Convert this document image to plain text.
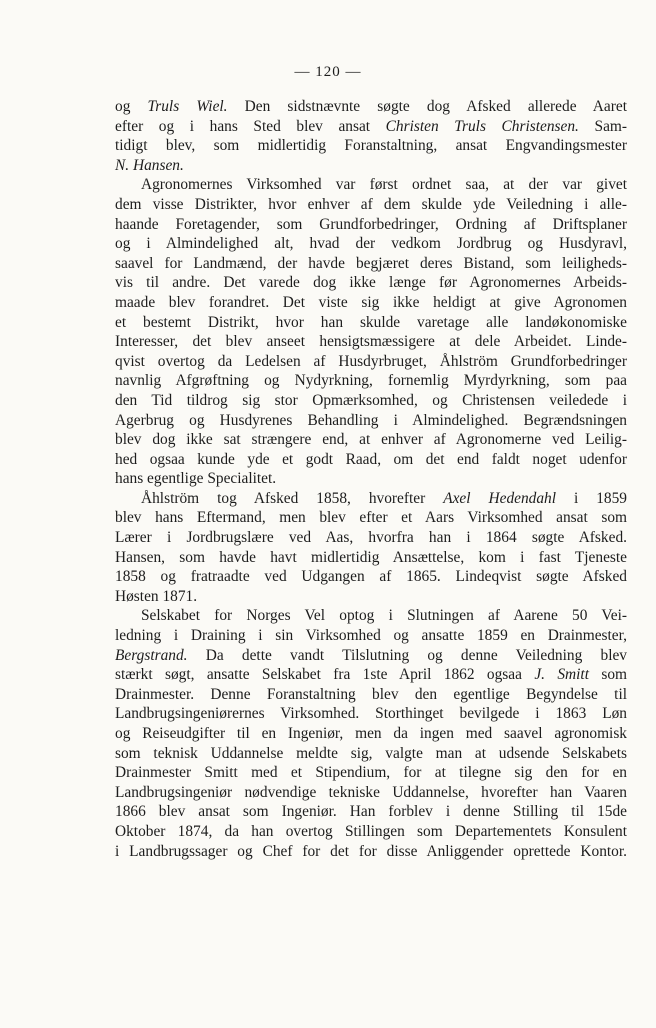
— 120 —
og Truls Wiel. Den sidstnævnte søgte dog Afsked allerede Aaret
efter og i hans Sted blev ansat Christen Truls Christensen. Sam-
tidigt blev, som midlertidig Foranstaltning, ansat Engvandingsmester
N. Hansen.
Agronomernes Virksomhed var først ordnet saa, at der var givet
dem visse Distrikter, hvor enhver af dem skulde yde Veiledning i alle-
haande Foretagender, som Grundforbedringer, Ordning af Driftsplaner
og i Almindelighed alt, hvad der vedkom Jordbrug og Husdyravl,
saavel for Landmænd, der havde begjæret deres Bistand, som leiligheds-
vis til andre. Det varede dog ikke længe før Agronomernes Arbeids-
maade blev forandret. Det viste sig ikke heldigt at give Agronomen
et bestemt Distrikt, hvor han skulde varetage alle landøkonomiske
Interesser, det blev anseet hensigtsmæssigere at dele Arbeidet. Linde-
qvist overtog da Ledelsen af Husdyrbruget, Åhlström Grundforbedringer
navnlig Afgrøftning og Nydyrkning, fornemlig Myrdyrkning, som paa
den Tid tildrog sig stor Opmærksomhed, og Christensen veiledede i
Agerbrug og Husdyrenes Behandling i Almindelighed. Begrændsningen
blev dog ikke sat strængere end, at enhver af Agronomerne ved Leilig-
hed ogsaa kunde yde et godt Raad, om det end faldt noget udenfor
hans egentlige Specialitet.
Åhlström tog Afsked 1858, hvorefter Axel Hedendahl i 1859
blev hans Eftermand, men blev efter et Aars Virksomhed ansat som
Lærer i Jordbrugslære ved Aas, hvorfra han i 1864 søgte Afsked.
Hansen, som havde havt midlertidig Ansættelse, kom i fast Tjeneste
1858 og fratraadte ved Udgangen af 1865. Lindeqvist søgte Afsked
Høsten 1871.
Selskabet for Norges Vel optog i Slutningen af Aarene 50 Vei-
ledning i Draining i sin Virksomhed og ansatte 1859 en Drainmester,
Bergstrand. Da dette vandt Tilslutning og denne Veiledning blev
stærkt søgt, ansatte Selskabet fra 1ste April 1862 ogsaa J. Smitt som
Drainmester. Denne Foranstaltning blev den egentlige Begyndelse til
Landbrugsingeniørernes Virksomhed. Storthinget bevilgede i 1863 Løn
og Reiseudgifter til en Ingeniør, men da ingen med saavel agronomisk
som teknisk Uddannelse meldte sig, valgte man at udsende Selskabets
Drainmester Smitt med et Stipendium, for at tilegne sig den for en
Landbrugsingeniør nødvendige tekniske Uddannelse, hvorefter han Vaaren
1866 blev ansat som Ingeniør. Han forblev i denne Stilling til 15de
Oktober 1874, da han overtog Stillingen som Departementets Konsulent
i Landbrugssager og Chef for det for disse Anliggender oprettede Kontor.
